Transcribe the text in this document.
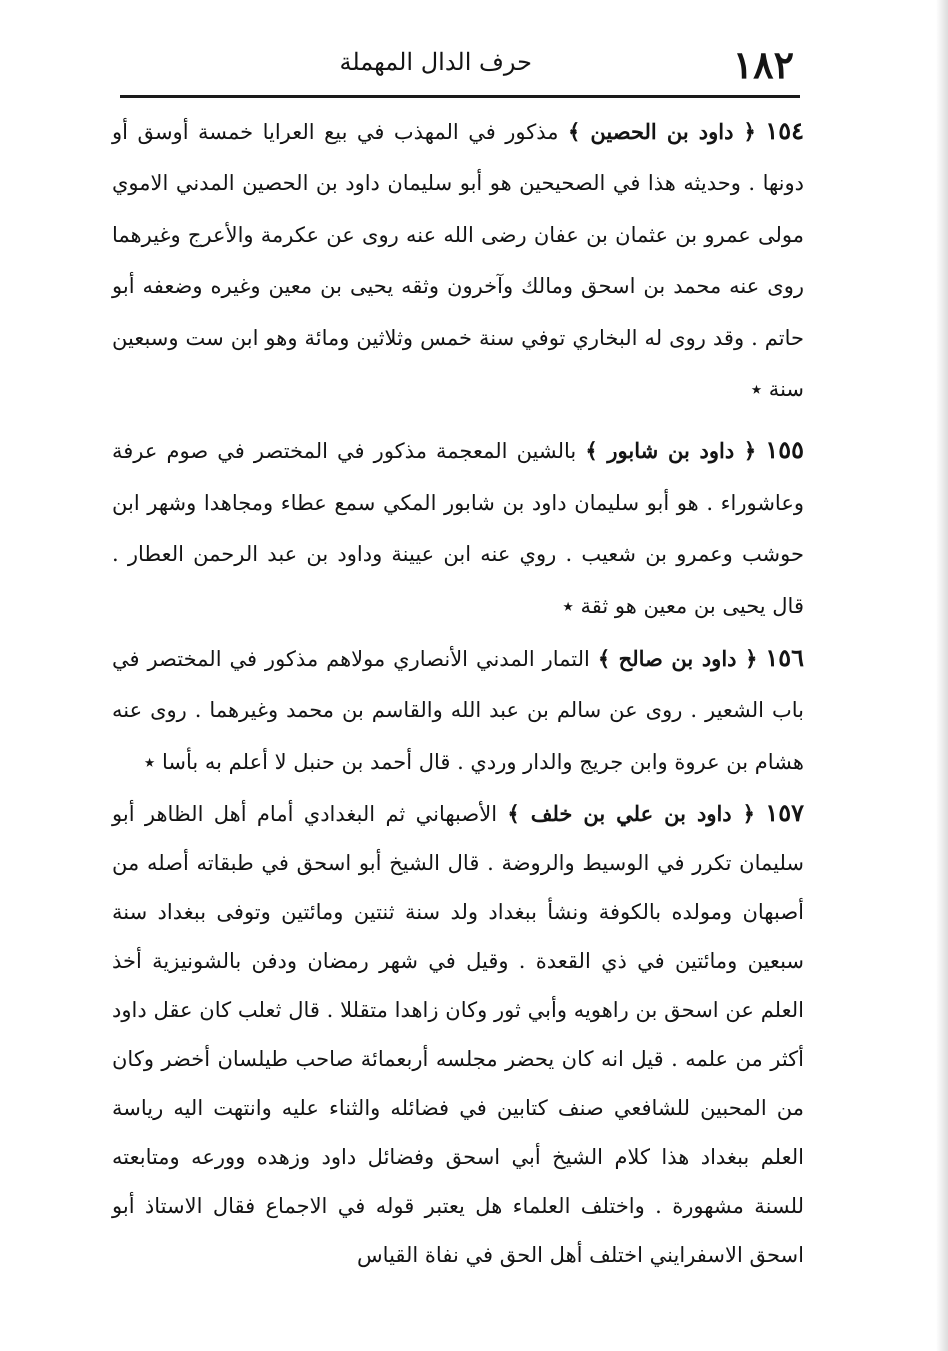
١٨٢
حرف الدال المهملة

١٥٤ ﴿ داود بن الحصين ﴾ مذكور في المهذب في بيع العرايا خمسة أوسق أو دونها . وحديثه هذا في الصحيحين هو أبو سليمان داود بن الحصين المدني الاموي مولى عمرو بن عثمان بن عفان رضى الله عنه روى عن عكرمة والأعرج وغيرهما روى عنه محمد بن اسحق ومالك وآخرون وثقه يحيى بن معين وغيره وضعفه أبو حاتم . وقد روى له البخاري توفي سنة خمس وثلاثين ومائة وهو ابن ست وسبعين سنة ٭

١٥٥ ﴿ داود بن شابور ﴾ بالشين المعجمة مذكور في المختصر في صوم عرفة وعاشوراء . هو أبو سليمان داود بن شابور المكي سمع عطاء ومجاهدا وشهر ابن حوشب وعمرو بن شعيب . روي عنه ابن عيينة وداود بن عبد الرحمن العطار . قال يحيى بن معين هو ثقة ٭

١٥٦ ﴿ داود بن صالح ﴾ التمار المدني الأنصاري مولاهم مذكور في المختصر في باب الشعير . روى عن سالم بن عبد الله والقاسم بن محمد وغيرهما . روى عنه هشام بن عروة وابن جريج والدار وردي . قال أحمد بن حنبل لا أعلم به بأسا ٭

١٥٧ ﴿ داود بن علي بن خلف ﴾ الأصبهاني ثم البغدادي أمام أهل الظاهر أبو سليمان تكرر في الوسيط والروضة . قال الشيخ أبو اسحق في طبقاته أصله من أصبهان ومولده بالكوفة ونشأ ببغداد ولد سنة ثنتين ومائتين وتوفى ببغداد سنة سبعين ومائتين في ذي القعدة . وقيل في شهر رمضان ودفن بالشونيزية أخذ العلم عن اسحق بن راهويه وأبي ثور وكان زاهدا متقللا . قال ثعلب كان عقل داود أكثر من علمه . قيل انه كان يحضر مجلسه أربعمائة صاحب طيلسان أخضر وكان من المحبين للشافعي صنف كتابين في فضائله والثناء عليه وانتهت اليه رياسة العلم ببغداد هذا كلام الشيخ أبي اسحق وفضائل داود وزهده وورعه ومتابعته للسنة مشهورة . واختلف العلماء هل يعتبر قوله في الاجماع فقال الاستاذ أبو اسحق الاسفرايني اختلف أهل الحق في نفاة القياس
